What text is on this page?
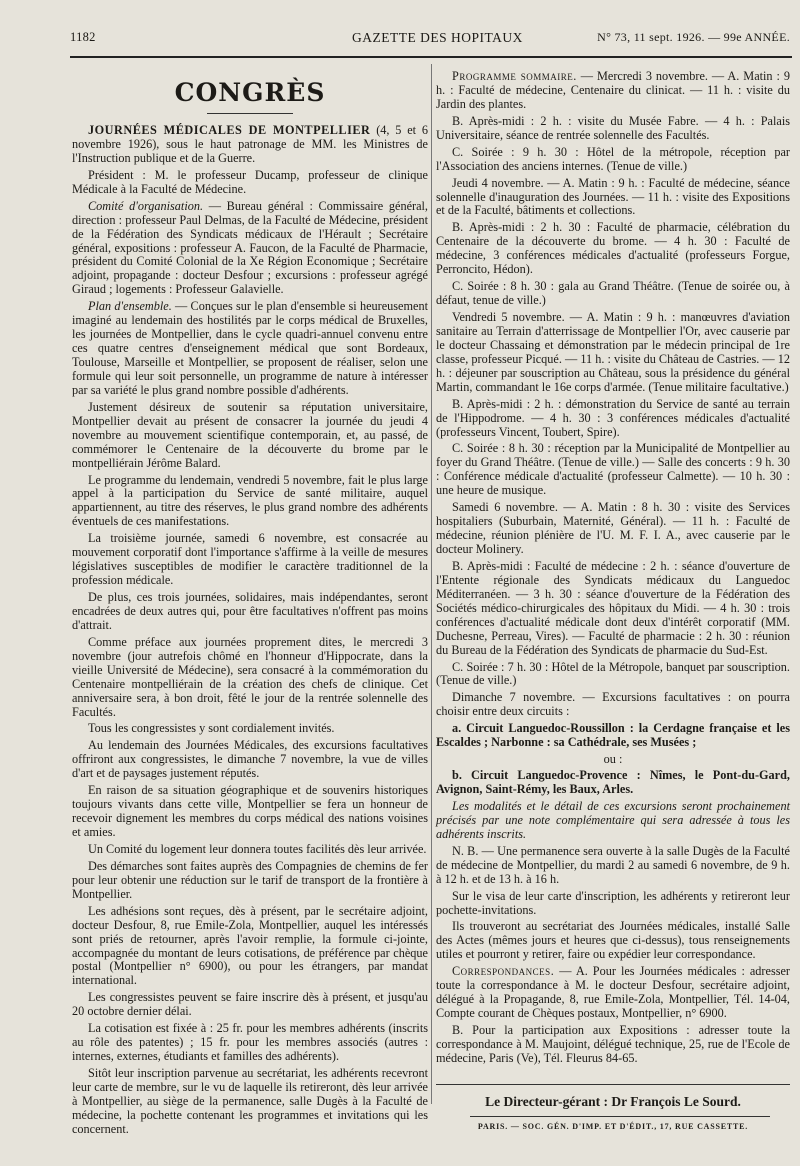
1182	GAZETTE DES HOPITAUX	N° 73, 11 sept. 1926. — 99e ANNÉE.
CONGRÈS

JOURNÉES MÉDICALES DE MONTPELLIER (4, 5 et 6 novembre 1926), sous le haut patronage de MM. les Ministres de l'Instruction publique et de la Guerre.

Président : M. le professeur Ducamp, professeur de clinique Médicale à la Faculté de Médecine.

Comité d'organisation. — Bureau général : Commissaire général, direction : professeur Paul Delmas, de la Faculté de Médecine, président de la Fédération des Syndicats médicaux de l'Hérault ; Secrétaire général, expositions : professeur A. Faucon, de la Faculté de Pharmacie, président du Comité Colonial de la Xe Région Economique ; Secrétaire adjoint, propagande : docteur Desfour ; excursions : professeur agrégé Giraud ; logements : Professeur Galavielle.

Plan d'ensemble. — Conçues sur le plan d'ensemble si heureusement imaginé au lendemain des hostilités par le corps médical de Bruxelles, les journées de Montpellier, dans le cycle quadri-annuel convenu entre ces quatre centres d'enseignement médical que sont Bordeaux, Toulouse, Marseille et Montpellier, se proposent de réaliser, selon une formule qui leur soit personnelle, un programme de nature à intéresser par sa variété le plus grand nombre possible d'adhérents.

Justement désireux de soutenir sa réputation universitaire, Montpellier devait au présent de consacrer la journée du jeudi 4 novembre au mouvement scientifique contemporain, et, au passé, de commémorer le Centenaire de la découverte du brome par le montpelliérain Jérôme Balard.

Le programme du lendemain, vendredi 5 novembre, fait le plus large appel à la participation du Service de santé militaire, auquel appartiennent, au titre des réserves, le plus grand nombre des adhérents éventuels de ces manifestations.

La troisième journée, samedi 6 novembre, est consacrée au mouvement corporatif dont l'importance s'affirme à la veille de mesures législatives susceptibles de modifier le caractère traditionnel de la profession médicale.

De plus, ces trois journées, solidaires, mais indépendantes, seront encadrées de deux autres qui, pour être facultatives n'offrent pas moins d'attrait.

Comme préface aux journées proprement dites, le mercredi 3 novembre (jour autrefois chômé en l'honneur d'Hippocrate, dans la vieille Université de Médecine), sera consacré à la commémoration du Centenaire montpelliérain de la création des chefs de clinique. Cet anniversaire sera, à bon droit, fêté le jour de la rentrée solennelle des Facultés.

Tous les congressistes y sont cordialement invités.

Au lendemain des Journées Médicales, des excursions facultatives offriront aux congressistes, le dimanche 7 novembre, la vue de villes d'art et de paysages justement réputés.

En raison de sa situation géographique et de souvenirs historiques toujours vivants dans cette ville, Montpellier se fera un honneur de recevoir dignement les membres du corps médical des nations voisines et amies.

Un Comité du logement leur donnera toutes facilités dès leur arrivée.

Des démarches sont faites auprès des Compagnies de chemins de fer pour leur obtenir une réduction sur le tarif de transport de la frontière à Montpellier.

Les adhésions sont reçues, dès à présent, par le secrétaire adjoint, docteur Desfour, 8, rue Emile-Zola, Montpellier, auquel les intéressés sont priés de retourner, après l'avoir remplie, la formule ci-jointe, accompagnée du montant de leurs cotisations, de préférence par chèque postal (Montpellier n° 6900), ou pour les étrangers, par mandat international.

Les congressistes peuvent se faire inscrire dès à présent, et jusqu'au 20 octobre dernier délai.

La cotisation est fixée à : 25 fr. pour les membres adhérents (inscrits au rôle des patentes) ; 15 fr. pour les membres associés (autres : internes, externes, étudiants et familles des adhérents).

Sitôt leur inscription parvenue au secrétariat, les adhérents recevront leur carte de membre, sur le vu de laquelle ils retireront, dès leur arrivée à Montpellier, au siège de la permanence, salle Dugès à la Faculté de médecine, la pochette contenant les programmes et invitations qui les concernent.

Programme sommaire. — Mercredi 3 novembre. — A. Matin : 9 h. : Faculté de médecine, Centenaire du clinicat. — 11 h. : visite du Jardin des plantes.

B. Après-midi : 2 h. : visite du Musée Fabre. — 4 h. : Palais Universitaire, séance de rentrée solennelle des Facultés.

C. Soirée : 9 h. 30 : Hôtel de la métropole, réception par l'Association des anciens internes. (Tenue de ville.)

Jeudi 4 novembre. — A. Matin : 9 h. : Faculté de médecine, séance solennelle d'inauguration des Journées. — 11 h. : visite des Expositions et de la Faculté, bâtiments et collections.

B. Après-midi : 2 h. 30 : Faculté de pharmacie, célébration du Centenaire de la découverte du brome. — 4 h. 30 : Faculté de médecine, 3 conférences médicales d'actualité (professeurs Forgue, Perroncito, Hédon).

C. Soirée : 8 h. 30 : gala au Grand Théâtre. (Tenue de soirée ou, à défaut, tenue de ville.)

Vendredi 5 novembre. — A. Matin : 9 h. : manœuvres d'aviation sanitaire au Terrain d'atterrissage de Montpellier l'Or, avec causerie par le docteur Chassaing et démonstration par le médecin principal de 1re classe, professeur Picqué. — 11 h. : visite du Château de Castries. — 12 h. : déjeuner par souscription au Château, sous la présidence du général Martin, commandant le 16e corps d'armée. (Tenue militaire facultative.)

B. Après-midi : 2 h. : démonstration du Service de santé au terrain de l'Hippodrome. — 4 h. 30 : 3 conférences médicales d'actualité (professeurs Vincent, Toubert, Spire).

C. Soirée : 8 h. 30 : réception par la Municipalité de Montpellier au foyer du Grand Théâtre. (Tenue de ville.) — Salle des concerts : 9 h. 30 : Conférence médicale d'actualité (professeur Calmette). — 10 h. 30 : une heure de musique.

Samedi 6 novembre. — A. Matin : 8 h. 30 : visite des Services hospitaliers (Suburbain, Maternité, Général). — 11 h. : Faculté de médecine, réunion plénière de l'U. M. F. I. A., avec causerie par le docteur Molinery.

B. Après-midi : Faculté de médecine : 2 h. : séance d'ouverture de l'Entente régionale des Syndicats médicaux du Languedoc Méditerranéen. — 3 h. 30 : séance d'ouverture de la Fédération des Sociétés médico-chirurgicales des hôpitaux du Midi. — 4 h. 30 : trois conférences d'actualité médicale dont deux d'intérêt corporatif (MM. Duchesne, Perreau, Vires). — Faculté de pharmacie : 2 h. 30 : réunion du Bureau de la Fédération des Syndicats de pharmacie du Sud-Est.

C. Soirée : 7 h. 30 : Hôtel de la Métropole, banquet par souscription. (Tenue de ville.)

Dimanche 7 novembre. — Excursions facultatives : on pourra choisir entre deux circuits :

a. Circuit Languedoc-Roussillon : la Cerdagne française et les Escaldes ; Narbonne : sa Cathédrale, ses Musées ;

ou :

b. Circuit Languedoc-Provence : Nîmes, le Pont-du-Gard, Avignon, Saint-Rémy, les Baux, Arles.

Les modalités et le détail de ces excursions seront prochainement précisés par une note complémentaire qui sera adressée à tous les adhérents inscrits.

N. B. — Une permanence sera ouverte à la salle Dugès de la Faculté de médecine de Montpellier, du mardi 2 au samedi 6 novembre, de 9 h. à 12 h. et de 13 h. à 16 h.

Sur le visa de leur carte d'inscription, les adhérents y retireront leur pochette-invitations.

Ils trouveront au secrétariat des Journées médicales, installé Salle des Actes (mêmes jours et heures que ci-dessus), tous renseignements utiles et pourront y retirer, faire ou expédier leur correspondance.

Correspondances. — A. Pour les Journées médicales : adresser toute la correspondance à M. le docteur Desfour, secrétaire adjoint, délégué à la Propagande, 8, rue Emile-Zola, Montpellier, Tél. 14-04, Compte courant de Chèques postaux, Montpellier, n° 6900.

B. Pour la participation aux Expositions : adresser toute la correspondance à M. Maujoint, délégué technique, 25, rue de l'Ecole de médecine, Paris (Ve), Tél. Fleurus 84-65.

Le Directeur-gérant : Dr François Le Sourd.
PARIS. — SOC. GÉN. D'IMP. ET D'ÉDIT., 17, RUE CASSETTE.
